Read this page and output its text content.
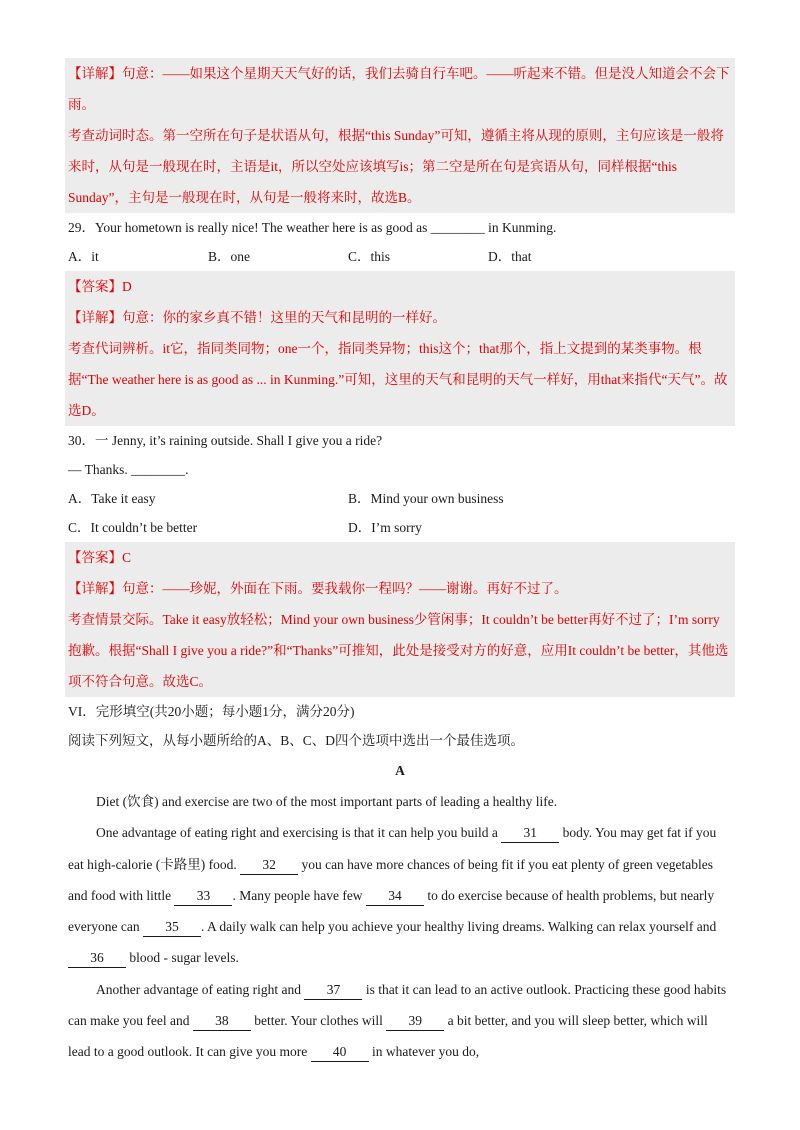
【详解】句意：——如果这个星期天天气好的话，我们去骑自行车吧。——听起来不错。但是没人知道会不会下雨。

考查动词时态。第一空所在句子是状语从句，根据“this Sunday”可知，遵循主将从现的原则，主句应该是一般将来时，从句是一般现在时，主语是it，所以空处应该填写is；第二空是所在句是宾语从句，同样根据“this Sunday”，主句是一般现在时，从句是一般将来时，故选B。

29．Your hometown is really nice! The weather here is as good as ________ in Kunming.

A．it	B．one	C．this	D．that

【答案】D

【详解】句意：你的家乡真不错！这里的天气和昆明的一样好。

考查代词辨析。it它，指同类同物；one一个，指同类异物；this这个；that那个，指上文提到的某类事物。根据“The weather here is as good as ... in Kunming.”可知，这里的天气和昆明的天气一样好，用that来指代“天气”。故选D。

30．一 Jenny, it’s raining outside. Shall I give you a ride?

— Thanks. ________.

A．Take it easy	B．Mind your own business
C．It couldn’t be better	D．I’m sorry

【答案】C

【详解】句意：——珍妮，外面在下雨。要我载你一程吗？——谢谢。再好不过了。

考查情景交际。Take it easy放轻松；Mind your own business少管闲事；It couldn’t be better再好不过了；I’m sorry抱歉。根据“Shall I give you a ride?”和“Thanks”可推知，此处是接受对方的好意，应用It couldn’t be better，其他选项不符合句意。故选C。

VI．完形填空(共20小题；每小题1分，满分20分)

阅读下列短文，从每小题所给的A、B、C、D四个选项中选出一个最佳选项。

A

Diet (饮食) and exercise are two of the most important parts of leading a healthy life.

One advantage of eating right and exercising is that it can help you build a 31 body. You may get fat if you eat high-calorie (卡路里) food. 32 you can have more chances of being fit if you eat plenty of green vegetables and food with little 33 . Many people have few 34 to do exercise because of health problems, but nearly everyone can 35 . A daily walk can help you achieve your healthy living dreams. Walking can relax yourself and 36 blood - sugar levels.

Another advantage of eating right and 37 is that it can lead to an active outlook. Practicing these good habits can make you feel and 38 better. Your clothes will 39 a bit better, and you will sleep better, which will lead to a good outlook. It can give you more 40 in whatever you do,
